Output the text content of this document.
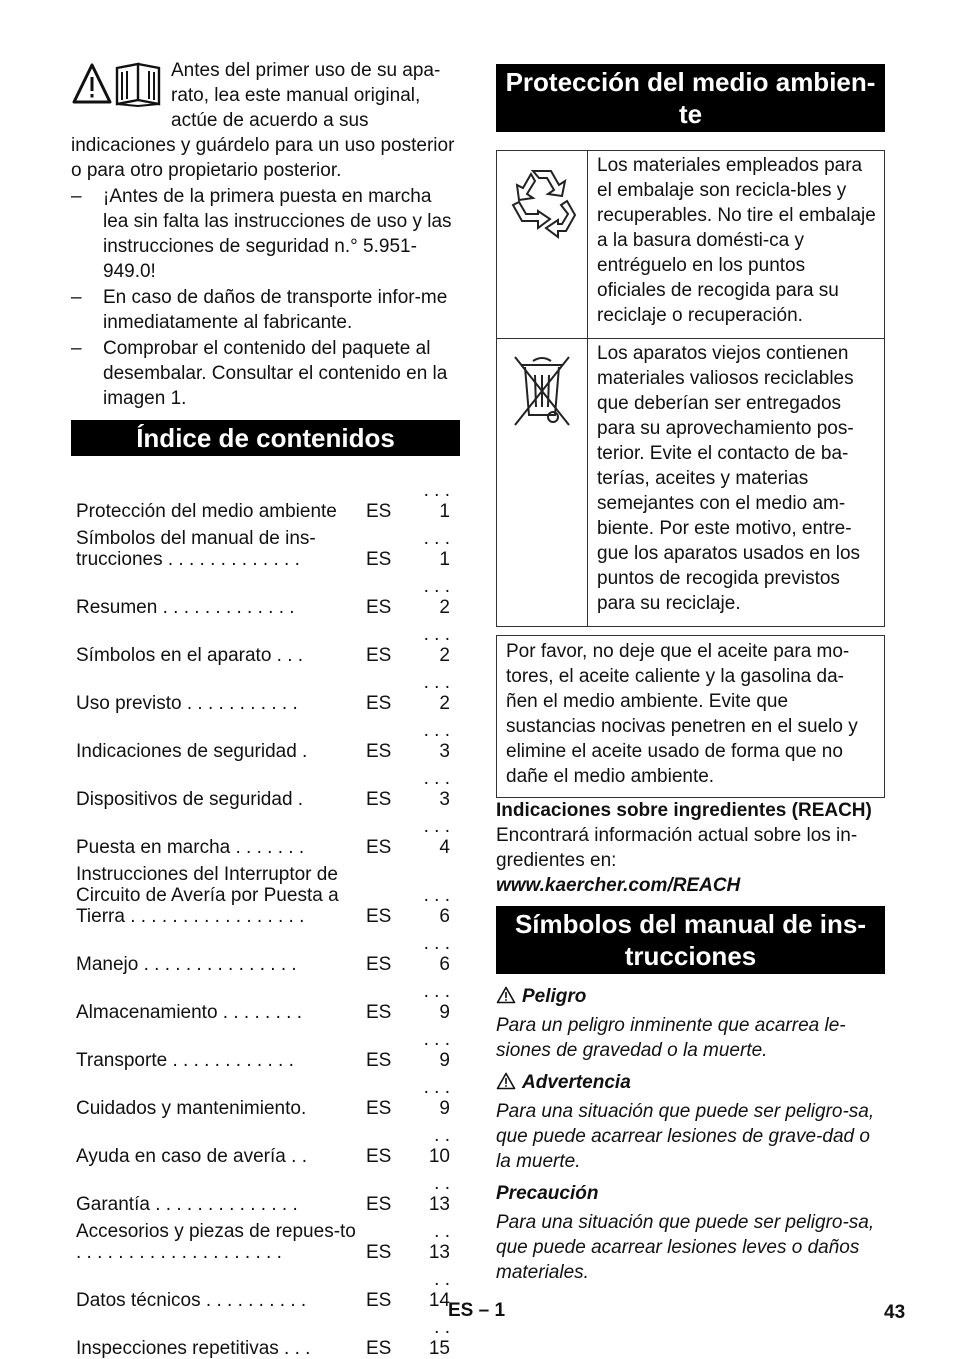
Antes del primer uso de su apa-rato, lea este manual original, actúe de acuerdo a sus indicaciones y guárdelo para un uso posterior o para otro propietario posterior.

– ¡Antes de la primera puesta en marcha lea sin falta las instrucciones de uso y las instrucciones de seguridad n.° 5.951-949.0!
– En caso de daños de transporte infor-me inmediatamente al fabricante.
– Comprobar el contenido del paquete al desembalar. Consultar el contenido en la imagen 1.
Índice de contenidos
Protección del medio ambiente	ES	. . . 1
Símbolos del manual de ins-trucciones . . . . . . . . . . . . .	ES	. . . 1
Resumen . . . . . . . . . . . . .	ES	. . . 2
Símbolos en el aparato . . .	ES	. . . 2
Uso previsto . . . . . . . . . . .	ES	. . . 2
Indicaciones de seguridad .	ES	. . . 3
Dispositivos de seguridad .	ES	. . . 3
Puesta en marcha . . . . . . .	ES	. . . 4
Instrucciones del Interruptor de Circuito de Avería por Puesta a Tierra . . . . . . . . . . . . . . . . .	ES	. . . 6
Manejo . . . . . . . . . . . . . . .	ES	. . . 6
Almacenamiento . . . . . . . .	ES	. . . 9
Transporte . . . . . . . . . . . .	ES	. . . 9
Cuidados y mantenimiento.	ES	. . . 9
Ayuda en caso de avería . .	ES	. . 10
Garantía . . . . . . . . . . . . . .	ES	. . 13
Accesorios y piezas de repues-to . . . . . . . . . . . . . . . . . . . .	ES	. . 13
Datos técnicos . . . . . . . . . .	ES	. . 14
Inspecciones repetitivas . . .	ES	. . 15
Protección del medio ambien-te
	Los materiales empleados para el embalaje son recicla-bles y recuperables. No tire el embalaje a la basura domésti-ca y entréguelo en los puntos oficiales de recogida para su reciclaje o recuperación.
	Los aparatos viejos contienen materiales valiosos reciclables que deberían ser entregados para su aprovechamiento pos-terior. Evite el contacto de ba-terías, aceites y materias semejantes con el medio am-biente. Por este motivo, entre-gue los aparatos usados en los puntos de recogida previstos para su reciclaje.

Por favor, no deje que el aceite para mo-tores, el aceite caliente y la gasolina da-ñen el medio ambiente. Evite que sustancias nocivas penetren en el suelo y elimine el aceite usado de forma que no dañe el medio ambiente.

Indicaciones sobre ingredientes (REACH)

Encontrará información actual sobre los in-gredientes en:

www.kaercher.com/REACH

Símbolos del manual de ins-trucciones

Peligro

Para un peligro inminente que acarrea le-siones de gravedad o la muerte.

Advertencia

Para una situación que puede ser peligro-sa, que puede acarrear lesiones de grave-dad o la muerte.

Precaución

Para una situación que puede ser peligro-sa, que puede acarrear lesiones leves o daños materiales.

ES – 1	43
